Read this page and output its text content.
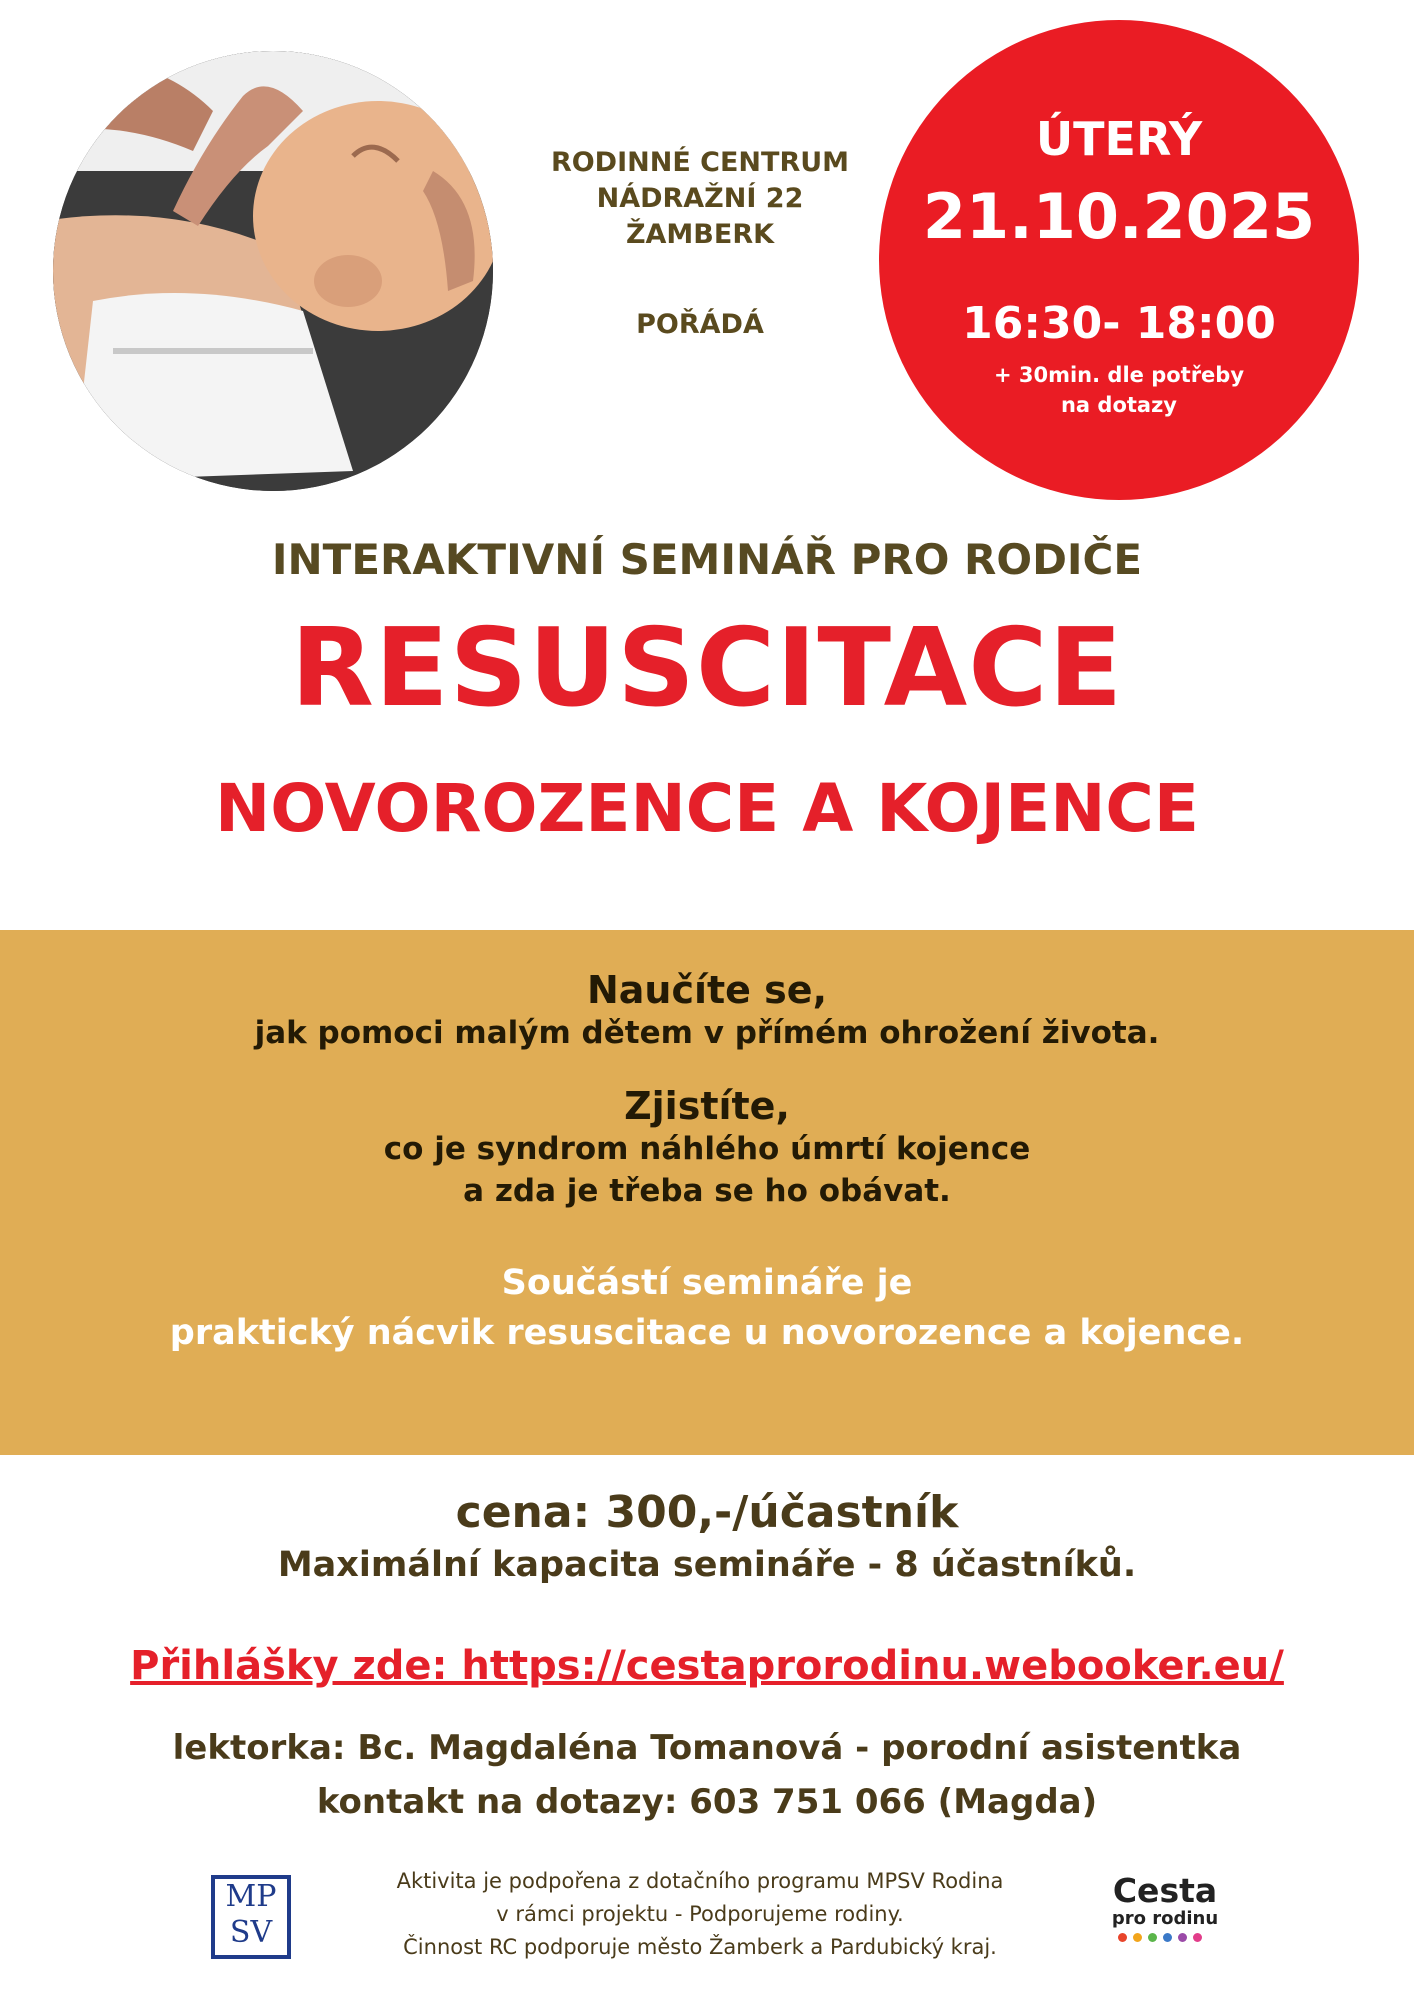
RODINNÉ CENTRUM
NÁDRAŽNÍ 22
ŽAMBERK
POŘÁDÁ
ÚTERÝ
21.10.2025
16:30- 18:00
+ 30min. dle potřeby
na dotazy
INTERAKTIVNÍ SEMINÁŘ PRO RODIČE
RESUSCITACE
NOVOROZENCE A KOJENCE
Naučíte se,
jak pomoci malým dětem v přímém ohrožení života.
Zjistíte,
co je syndrom náhlého úmrtí kojence
a zda je třeba se ho obávat.
Součástí semináře je
praktický nácvik resuscitace u novorozence a kojence.
cena: 300,-/účastník
Maximální kapacita semináře - 8 účastníků.
Přihlášky zde: https://cestaprorodinu.webooker.eu/
lektorka: Bc. Magdaléna Tomanová - porodní asistentka
kontakt na dotazy: 603 751 066 (Magda)
MP
SV
Aktivita je podpořena z dotačního programu MPSV Rodina
v rámci projektu - Podporujeme rodiny.
Činnost RC podporuje město Žamberk a Pardubický kraj.
Cesta
pro rodinu
